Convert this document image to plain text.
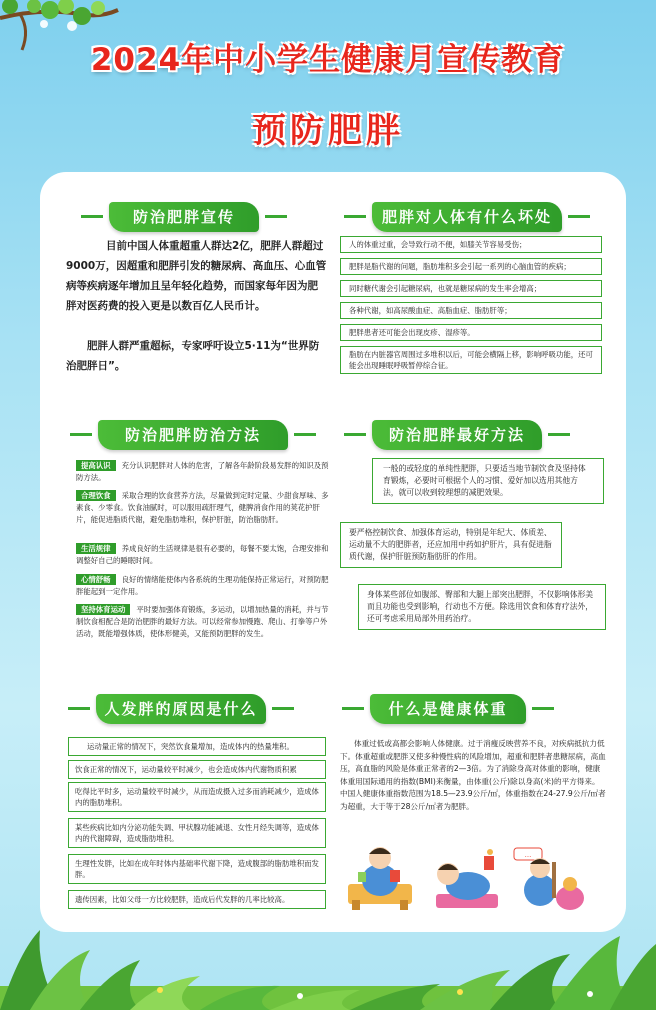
2024年中小学生健康月宣传教育
预防肥胖
防治肥胖宣传
目前中国人体重超重人群达2亿，肥胖人群超过9000万，因超重和肥胖引发的糖尿病、高血压、心血管病等疾病逐年增加且呈年轻化趋势，而国家每年因为肥胖对医药费的投入更是以数百亿人民币计。
肥胖人群严重超标，专家呼吁设立5·11为“世界防治肥胖日”。
肥胖对人体有什么坏处
人的体重过重，会导致行动不便，如膝关节容易受伤；
肥胖是脂代谢的问题，脂肪堆积多会引起一系列的心脑血管的疾病；
同时糖代谢会引起糖尿病，也就是糖尿病的发生率会增高；
各种代谢，如高尿酸血症、高脂血症、脂肪肝等；
肥胖患者还可能会出现皮疹、湿疹等。
脂肪在内脏器官周围过多堆积以后，可能会横隔上移，影响呼吸功能，还可能会出现睡眠呼吸暂停综合征。
防治肥胖防治方法
提高认识 充分认识肥胖对人体的危害，了解各年龄阶段易发胖的知识及预防方法。
合理饮食 采取合理的饮食营养方法，尽量做到定时定量、少甜食厚味、多素食、少零食。饮食油腻时，可以服用疏肝理气，健脾消食作用的荚花护肝片，能促进脂质代谢，避免脂肪堆积，保护肝脏，防治脂肪肝。
生活规律 养成良好的生活规律是很有必要的，每餐不要太饱，合理安排和调整好自己的睡眠时间。
心情舒畅 良好的情绪能使体内各系统的生理功能保持正常运行，对预防肥胖能起到一定作用。
坚持体育运动 平时要加强体育锻炼，多运动，以增加热量的消耗，并与节制饮食相配合是防治肥胖的最好方法。可以经常参加慢跑、爬山、打拳等户外活动，既能增强体质，使体形健美，又能预防肥胖的发生。
防治肥胖最好方法
一般的或轻度的单纯性肥胖，只要适当地节制饮食及坚持体育锻炼，必要时可根据个人的习惯、爱好加以选用其他方法，就可以收到较理想的减肥效果。
要严格控制饮食、加强体育运动，特别是年纪大、体质差、运动量不大的肥胖者，还应加用中药如护肝片，具有促进脂质代谢，保护肝脏预防脂肪肝的作用。
身体某些部位如腹部、臀部和大腿上部突出肥胖，不仅影响体形美而且功能也受到影响，行动也不方便。除选用饮食和体育疗法外，还可考虑采用局部外用药治疗。
人发胖的原因是什么
运动量正常的情况下，突然饮食量增加，造成体内的热量堆积。
饮食正常的情况下，运动量较平时减少，也会造成体内代谢物质积累
吃得比平时多，运动量较平时减少，从而造成摄入过多而消耗减少，造成体内的脂肪堆积。
某些疾病比如内分泌功能失调、甲状腺功能减退、女性月经失调等，造成体内的代谢障碍，造成脂肪堆积。
生理性发胖，比如在成年时体内基础率代谢下降，造成腹部的脂肪堆积而发胖。
遗传因素，比如父母一方比较肥胖，造成后代发胖的几率比较高。
什么是健康体重
体重过低或高都会影响人体健康。过于消瘦反映营养不良，对疾病抵抗力低下。体重超重或肥胖又使多种慢性病的风险增加，超重和肥胖者患糖尿病，高血压，高血脂的风险是体重正常者的2—3倍。为了消除身高对体重的影响，健康体重用国际通用的指数(BMI)来衡量，由体重(公斤)除以身高(米)的平方得来。中国人健康体重指数范围为18.5—23.9公斤/㎡，体重指数在24-27.9公斤/㎡者为超重，大于等于28公斤/㎡者为肥胖。
...
